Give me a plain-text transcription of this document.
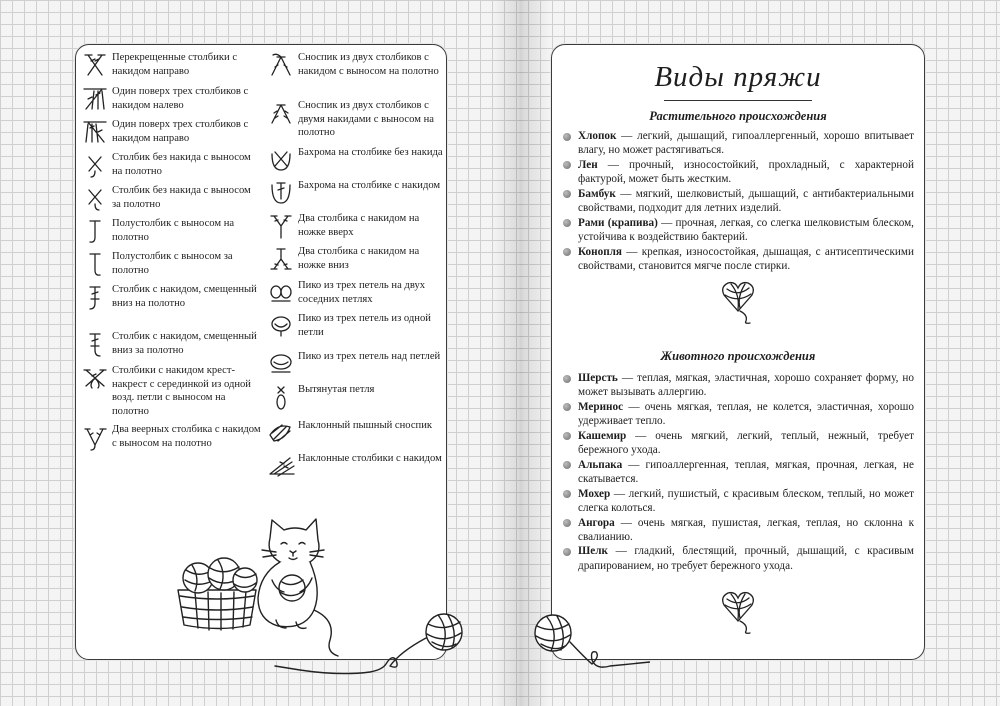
Перекрещенные столбики с накидом направо
Один поверх трех столбиков с накидом налево
Один поверх трех столбиков с накидом направо
Столбик без накида с выносом на полотно
Столбик без накида с выносом за полотно
Полустолбик с выносом на полотно
Полустолбик с выносом за полотно
Столбик с накидом, смещенный вниз на полотно
Столбик с накидом, смещенный вниз за полотно
Столбики с накидом крест-накрест с серединкой из одной возд. петли с выносом на полотно
Два веерных столбика с накидом с выносом на полотно
Сноспик из двух столбиков с накидом с выносом на полотно
Сноспик из двух столбиков с двумя накидами с выносом на полотно
Бахрома на столбике без накида
Бахрома на столбике с накидом
Два столбика с накидом на ножке вверх
Два столбика с накидом на ножке вниз
Пико из трех петель на двух соседних петлях
Пико из трех петель из одной петли
Пико из трех петель над петлей
Вытянутая петля
Наклонный пышный сноспик
Наклонные столбики с накидом
Виды пряжи
Растительного происхождения
Хлопок — легкий, дышащий, гипоаллергенный, хорошо впитывает влагу, но может растягиваться.
Лен — прочный, износостойкий, прохладный, с характерной фактурой, может быть жестким.
Бамбук — мягкий, шелковистый, дышащий, с антибактериальными свойствами, подходит для летних изделий.
Рами (крапива) — прочная, легкая, со слегка шелковистым блеском, устойчива к воздействию бактерий.
Конопля — крепкая, износостойкая, дышащая, с антисептическими свойствами, становится мягче после стирки.
Животного происхождения
Шерсть — теплая, мягкая, эластичная, хорошо сохраняет форму, но может вызывать аллергию.
Меринос — очень мягкая, теплая, не колется, эластичная, хорошо удерживает тепло.
Кашемир — очень мягкий, легкий, теплый, нежный, требует бережного ухода.
Альпака — гипоаллергенная, теплая, мягкая, прочная, легкая, не скатывается.
Мохер — легкий, пушистый, с красивым блеском, теплый, но может слегка колоться.
Ангора — очень мягкая, пушистая, легкая, теплая, но склонна к свалианию.
Шелк — гладкий, блестящий, прочный, дышащий, с красивым драпированием, но требует бережного ухода.
